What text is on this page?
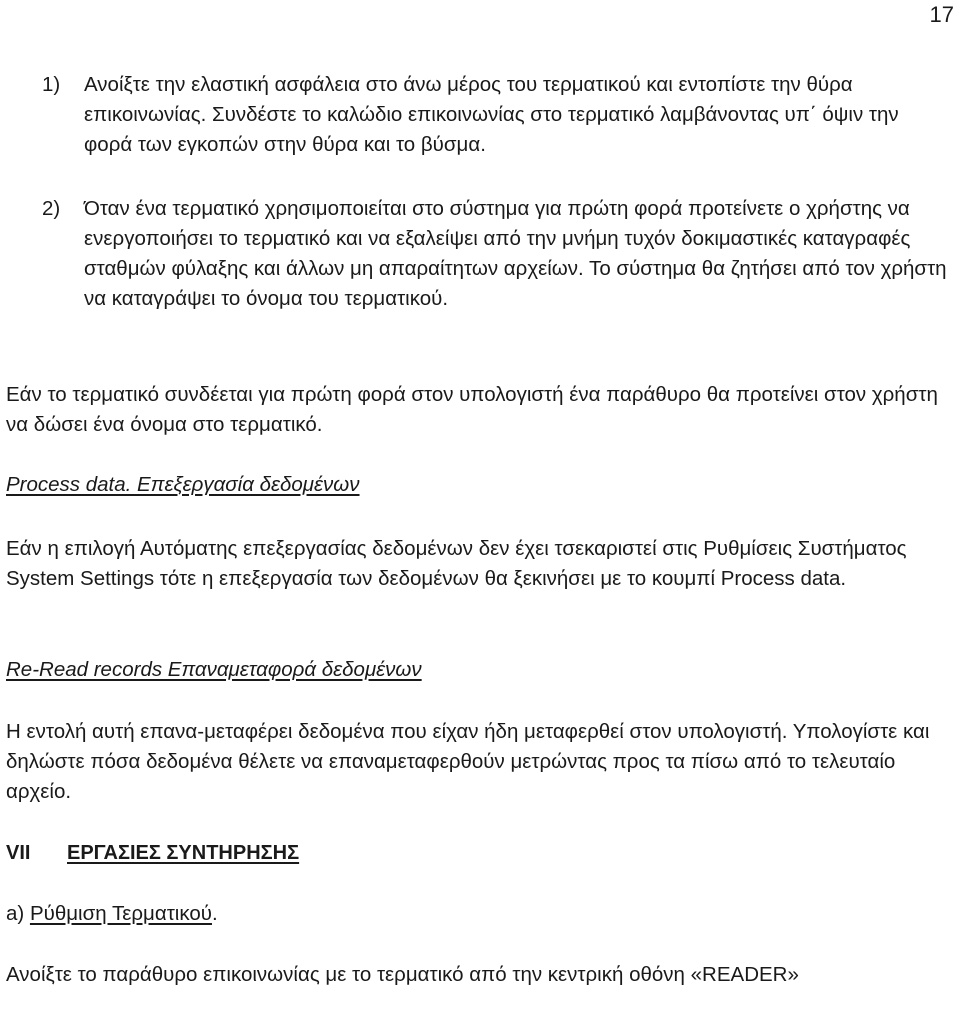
17
1) Ανοίξτε την ελαστική ασφάλεια στο άνω μέρος του τερματικού και εντοπίστε την θύρα επικοινωνίας. Συνδέστε το καλώδιο επικοινωνίας στο τερματικό λαμβάνοντας υπ΄ όψιν την φορά των εγκοπών στην θύρα και το βύσμα.
2) Όταν ένα τερματικό χρησιμοποιείται στο σύστημα για πρώτη φορά προτείνετε ο χρήστης να ενεργοποιήσει το τερματικό και να εξαλείψει από την μνήμη τυχόν δοκιμαστικές καταγραφές σταθμών φύλαξης και άλλων μη απαραίτητων αρχείων. Το σύστημα θα ζητήσει από τον χρήστη να καταγράψει το όνομα του τερματικού.

Εάν το τερματικό συνδέεται για πρώτη φορά στον υπολογιστή ένα παράθυρο θα προτείνει στον χρήστη να δώσει ένα όνομα στο τερματικό.

Process data. Επεξεργασία δεδομένων

Εάν η επιλογή Αυτόματης επεξεργασίας δεδομένων δεν έχει τσεκαριστεί στις Ρυθμίσεις Συστήματος System Settings τότε η επεξεργασία των δεδομένων θα ξεκινήσει με το κουμπί Process data.

Re-Read records Επαναμεταφορά δεδομένων

Η εντολή αυτή επανα-μεταφέρει δεδομένα που είχαν ήδη μεταφερθεί στον υπολογιστή. Υπολογίστε και δηλώστε πόσα δεδομένα θέλετε να επαναμεταφερθούν μετρώντας προς τα πίσω από το τελευταίο αρχείο.

VII ΕΡΓΑΣΙΕΣ ΣΥΝΤΗΡΗΣΗΣ

a) Ρύθμιση Τερματικού.

Ανοίξτε το παράθυρο επικοινωνίας με το τερματικό από την κεντρική οθόνη «READER»
